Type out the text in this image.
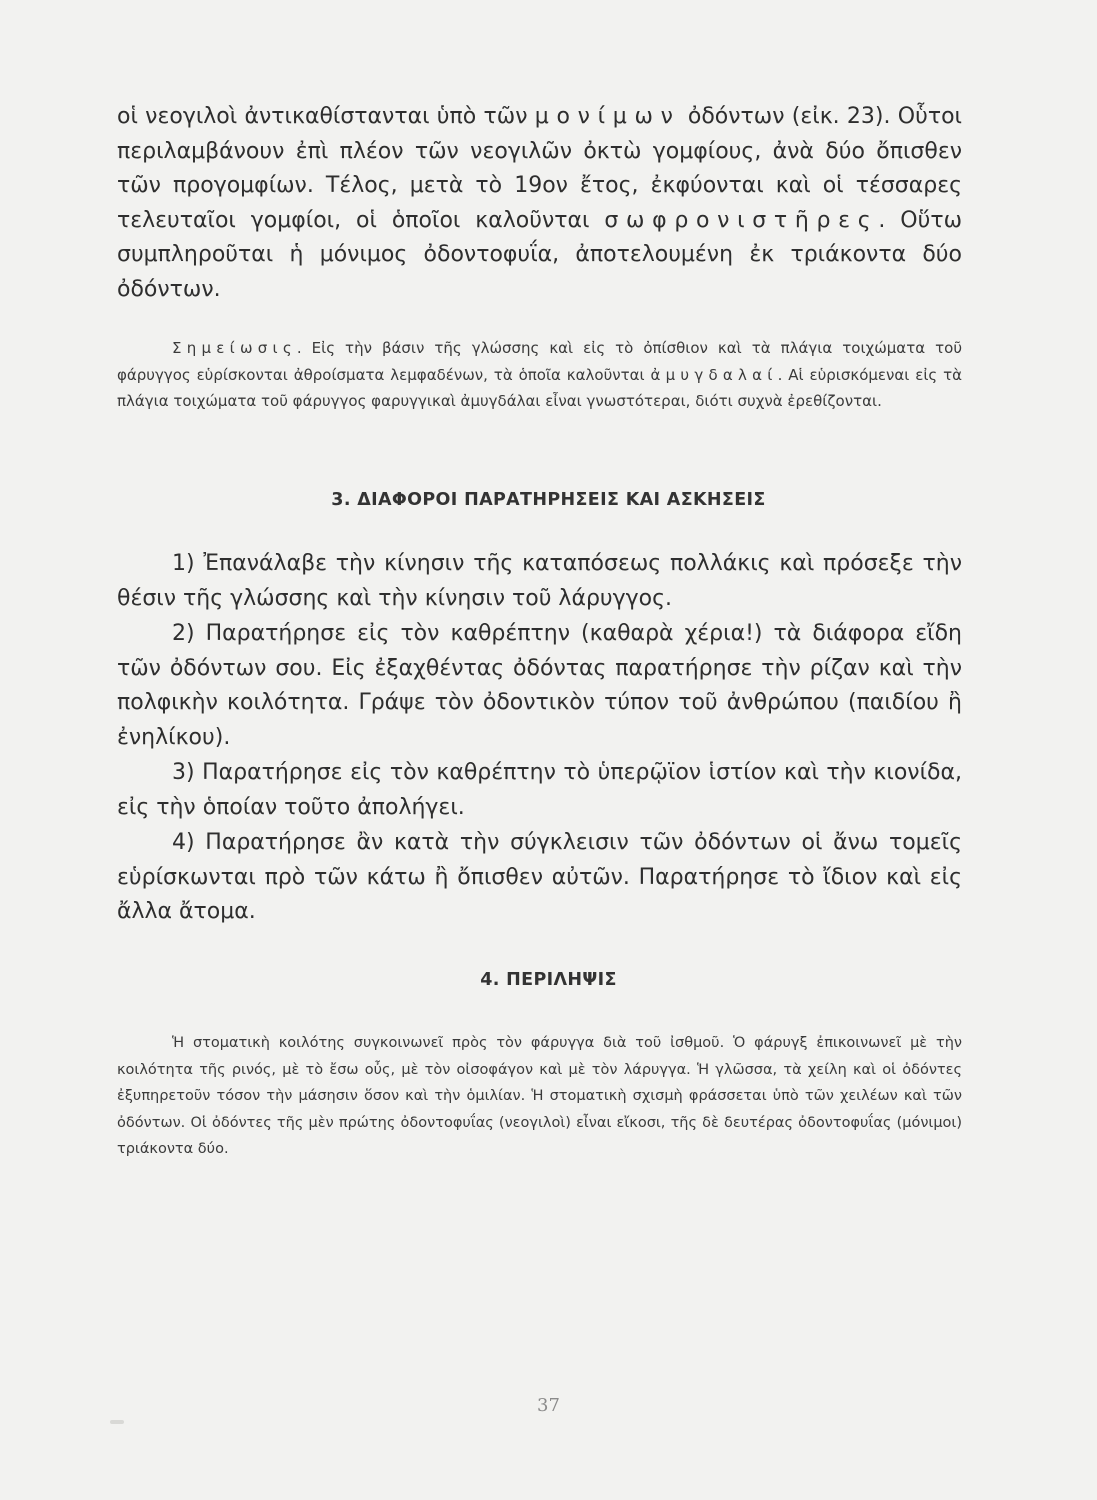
οἱ νεογιλοὶ ἀντικαθίστανται ὑπὸ τῶν μονίμων ὀδόντων (εἰκ. 23). Οὗτοι περιλαμβάνουν ἐπὶ πλέον τῶν νεογιλῶν ὀκτὼ γομφίους, ἀνὰ δύο ὄπισθεν τῶν προγομφίων. Τέλος, μετὰ τὸ 19ον ἔτος, ἐκφύονται καὶ οἱ τέσσαρες τελευταῖοι γομφίοι, οἱ ὁποῖοι καλοῦνται σωφρονιστῆρες. Οὕτω συμπληροῦται ἡ μόνιμος ὀδοντοφυΐα, ἀποτελουμένη ἐκ τριάκοντα δύο ὀδόντων.

Σημείωσις. Εἰς τὴν βάσιν τῆς γλώσσης καὶ εἰς τὸ ὀπίσθιον καὶ τὰ πλάγια τοιχώματα τοῦ φάρυγγος εὑρίσκονται ἀθροίσματα λεμφαδένων, τὰ ὁποῖα καλοῦνται ἀμυγδαλαί. Αἱ εὑρισκόμεναι εἰς τὰ πλάγια τοιχώματα τοῦ φάρυγγος φαρυγγικαὶ ἀμυγδάλαι εἶναι γνωστότεραι, διότι συχνὰ ἐρεθίζονται.

3. ΔΙΑΦΟΡΟΙ ΠΑΡΑΤΗΡΗΣΕΙΣ ΚΑΙ ΑΣΚΗΣΕΙΣ

1) Ἐπανάλαβε τὴν κίνησιν τῆς καταπόσεως πολλάκις καὶ πρόσεξε τὴν θέσιν τῆς γλώσσης καὶ τὴν κίνησιν τοῦ λάρυγγος.

2) Παρατήρησε εἰς τὸν καθρέπτην (καθαρὰ χέρια!) τὰ διάφορα εἴδη τῶν ὀδόντων σου. Εἰς ἐξαχθέντας ὀδόντας παρατήρησε τὴν ρίζαν καὶ τὴν πολφικὴν κοιλότητα. Γράψε τὸν ὀδοντικὸν τύπον τοῦ ἀνθρώπου (παιδίου ἢ ἐνηλίκου).

3) Παρατήρησε εἰς τὸν καθρέπτην τὸ ὑπερῷϊον ἱστίον καὶ τὴν κιονίδα, εἰς τὴν ὁποίαν τοῦτο ἀπολήγει.

4) Παρατήρησε ἂν κατὰ τὴν σύγκλεισιν τῶν ὀδόντων οἱ ἄνω τομεῖς εὑρίσκωνται πρὸ τῶν κάτω ἢ ὄπισθεν αὐτῶν. Παρατήρησε τὸ ἴδιον καὶ εἰς ἄλλα ἄτομα.

4. ΠΕΡΙΛΗΨΙΣ

Ἡ στοματικὴ κοιλότης συγκοινωνεῖ πρὸς τὸν φάρυγγα διὰ τοῦ ἰσθμοῦ. Ὁ φάρυγξ ἐπικοινωνεῖ μὲ τὴν κοιλότητα τῆς ρινός, μὲ τὸ ἔσω οὖς, μὲ τὸν οἰσοφάγον καὶ μὲ τὸν λάρυγγα. Ἡ γλῶσσα, τὰ χείλη καὶ οἱ ὀδόντες ἐξυπηρετοῦν τόσον τὴν μάσησιν ὅσον καὶ τὴν ὁμιλίαν. Ἡ στοματικὴ σχισμὴ φράσσεται ὑπὸ τῶν χειλέων καὶ τῶν ὀδόντων. Οἱ ὀδόντες τῆς μὲν πρώτης ὀδοντοφυΐας (νεογιλοὶ) εἶναι εἴκοσι, τῆς δὲ δευτέρας ὀδοντοφυΐας (μόνιμοι) τριάκοντα δύο.

37
